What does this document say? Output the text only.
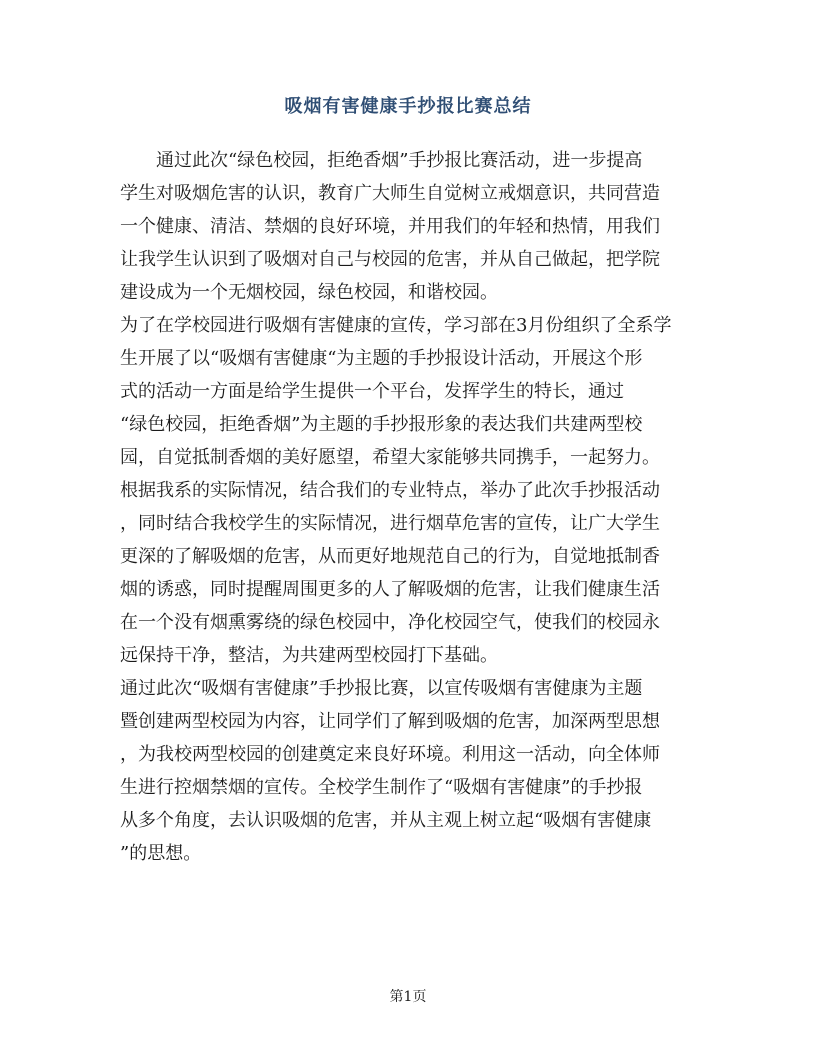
吸烟有害健康手抄报比赛总结
　　通过此次“绿色校园，拒绝香烟”手抄报比赛活动，进一步提高
学生对吸烟危害的认识，教育广大师生自觉树立戒烟意识，共同营造
一个健康、清洁、禁烟的良好环境，并用我们的年轻和热情，用我们
让我学生认识到了吸烟对自己与校园的危害，并从自己做起，把学院
建设成为一个无烟校园，绿色校园，和谐校园。
为了在学校园进行吸烟有害健康的宣传，学习部在3月份组织了全系学
生开展了以“吸烟有害健康“为主题的手抄报设计活动，开展这个形
式的活动一方面是给学生提供一个平台，发挥学生的特长，通过
“绿色校园，拒绝香烟”为主题的手抄报形象的表达我们共建两型校
园，自觉抵制香烟的美好愿望，希望大家能够共同携手，一起努力。
根据我系的实际情况，结合我们的专业特点，举办了此次手抄报活动
，同时结合我校学生的实际情况，进行烟草危害的宣传，让广大学生
更深的了解吸烟的危害，从而更好地规范自己的行为，自觉地抵制香
烟的诱惑，同时提醒周围更多的人了解吸烟的危害，让我们健康生活
在一个没有烟熏雾绕的绿色校园中，净化校园空气，使我们的校园永
远保持干净，整洁，为共建两型校园打下基础。
通过此次“吸烟有害健康”手抄报比赛，以宣传吸烟有害健康为主题
暨创建两型校园为内容，让同学们了解到吸烟的危害，加深两型思想
，为我校两型校园的创建奠定来良好环境。利用这一活动，向全体师
生进行控烟禁烟的宣传。全校学生制作了“吸烟有害健康”的手抄报
从多个角度，去认识吸烟的危害，并从主观上树立起“吸烟有害健康
”的思想。
第1页
